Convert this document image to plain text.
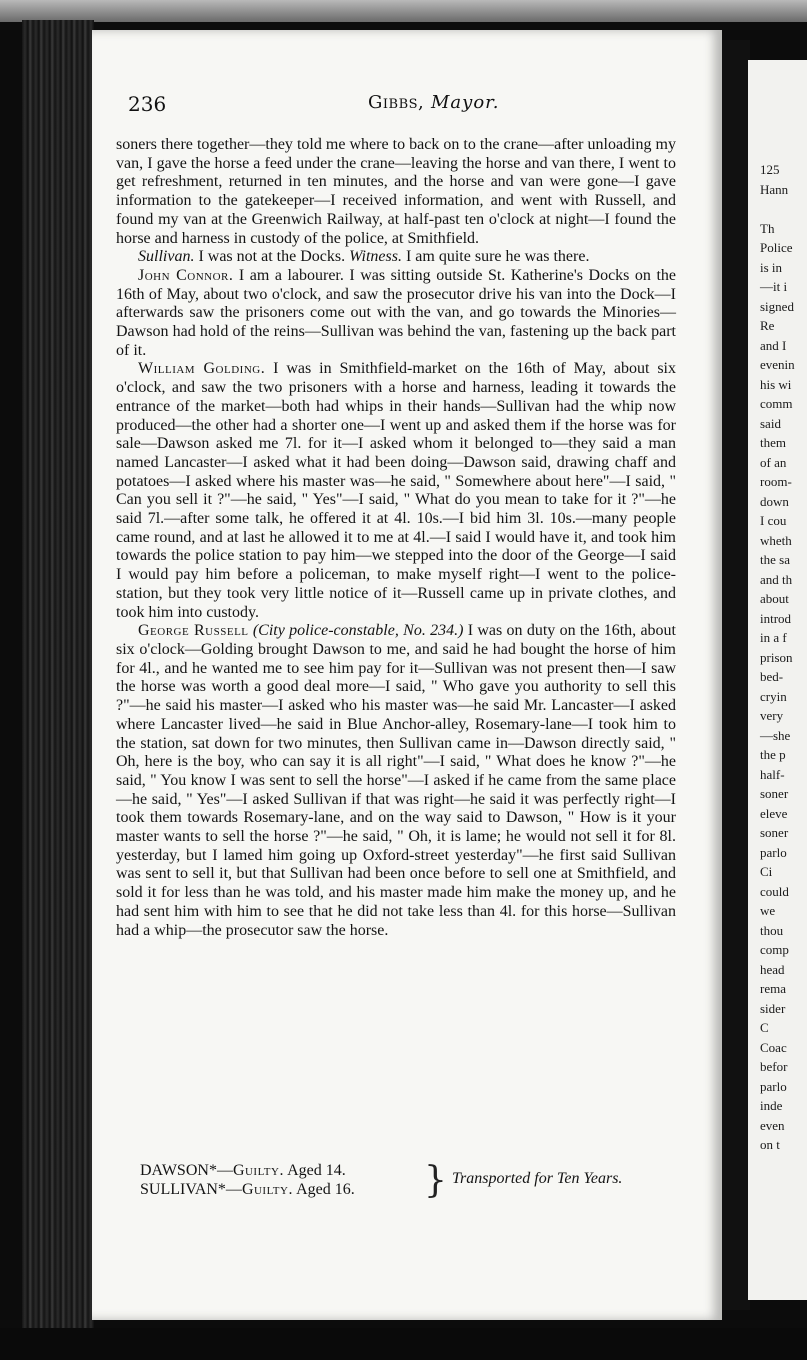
125
Hann

Th
Police
is in
—it i
signed
Re
and I
evenin
his wi
comm
said
them
of an
room-
down
I cou
wheth
the sa
and th
about
introd
in a f
prison
bed-
cryin
very
—she
the p
half-
soner
eleve
soner
parlo
Ci
could
we
thou
comp
head
rema
sider
C
Coac
befor
parlo
inde
even
on t
236	Gibbs, Mayor.

soners there together—they told me where to back on to the crane—after unloading my van, I gave the horse a feed under the crane—leaving the horse and van there, I went to get refreshment, returned in ten minutes, and the horse and van were gone—I gave information to the gatekeeper—I received information, and went with Russell, and found my van at the Greenwich Railway, at half-past ten o'clock at night—I found the horse and harness in custody of the police, at Smithfield.

Sullivan. I was not at the Docks. Witness. I am quite sure he was there.

John Connor. I am a labourer. I was sitting outside St. Katherine's Docks on the 16th of May, about two o'clock, and saw the prosecutor drive his van into the Dock—I afterwards saw the prisoners come out with the van, and go towards the Minories—Dawson had hold of the reins—Sullivan was behind the van, fastening up the back part of it.

William Golding. I was in Smithfield-market on the 16th of May, about six o'clock, and saw the two prisoners with a horse and harness, leading it towards the entrance of the market—both had whips in their hands—Sullivan had the whip now produced—the other had a shorter one—I went up and asked them if the horse was for sale—Dawson asked me 7l. for it—I asked whom it belonged to—they said a man named Lancaster—I asked what it had been doing—Dawson said, drawing chaff and potatoes—I asked where his master was—he said, " Somewhere about here"—I said, " Can you sell it ?"—he said, " Yes"—I said, " What do you mean to take for it ?"—he said 7l.—after some talk, he offered it at 4l. 10s.—I bid him 3l. 10s.—many people came round, and at last he allowed it to me at 4l.—I said I would have it, and took him towards the police station to pay him—we stepped into the door of the George—I said I would pay him before a policeman, to make myself right—I went to the police-station, but they took very little notice of it—Russell came up in private clothes, and took him into custody.

George Russell (City police-constable, No. 234.) I was on duty on the 16th, about six o'clock—Golding brought Dawson to me, and said he had bought the horse of him for 4l., and he wanted me to see him pay for it—Sullivan was not present then—I saw the horse was worth a good deal more—I said, " Who gave you authority to sell this ?"—he said his master—I asked who his master was—he said Mr. Lancaster—I asked where Lancaster lived—he said in Blue Anchor-alley, Rosemary-lane—I took him to the station, sat down for two minutes, then Sullivan came in—Dawson directly said, " Oh, here is the boy, who can say it is all right"—I said, " What does he know ?"—he said, " You know I was sent to sell the horse"—I asked if he came from the same place—he said, " Yes"—I asked Sullivan if that was right—he said it was perfectly right—I took them towards Rosemary-lane, and on the way said to Dawson, " How is it your master wants to sell the horse ?"—he said, " Oh, it is lame; he would not sell it for 8l. yesterday, but I lamed him going up Oxford-street yesterday"—he first said Sullivan was sent to sell it, but that Sullivan had been once before to sell one at Smithfield, and sold it for less than he was told, and his master made him make the money up, and he had sent him with him to see that he did not take less than 4l. for this horse—Sullivan had a whip—the prosecutor saw the horse.

DAWSON*—Guilty. Aged 14.
SULLIVAN*—Guilty. Aged 16.	} Transported for Ten Years.
